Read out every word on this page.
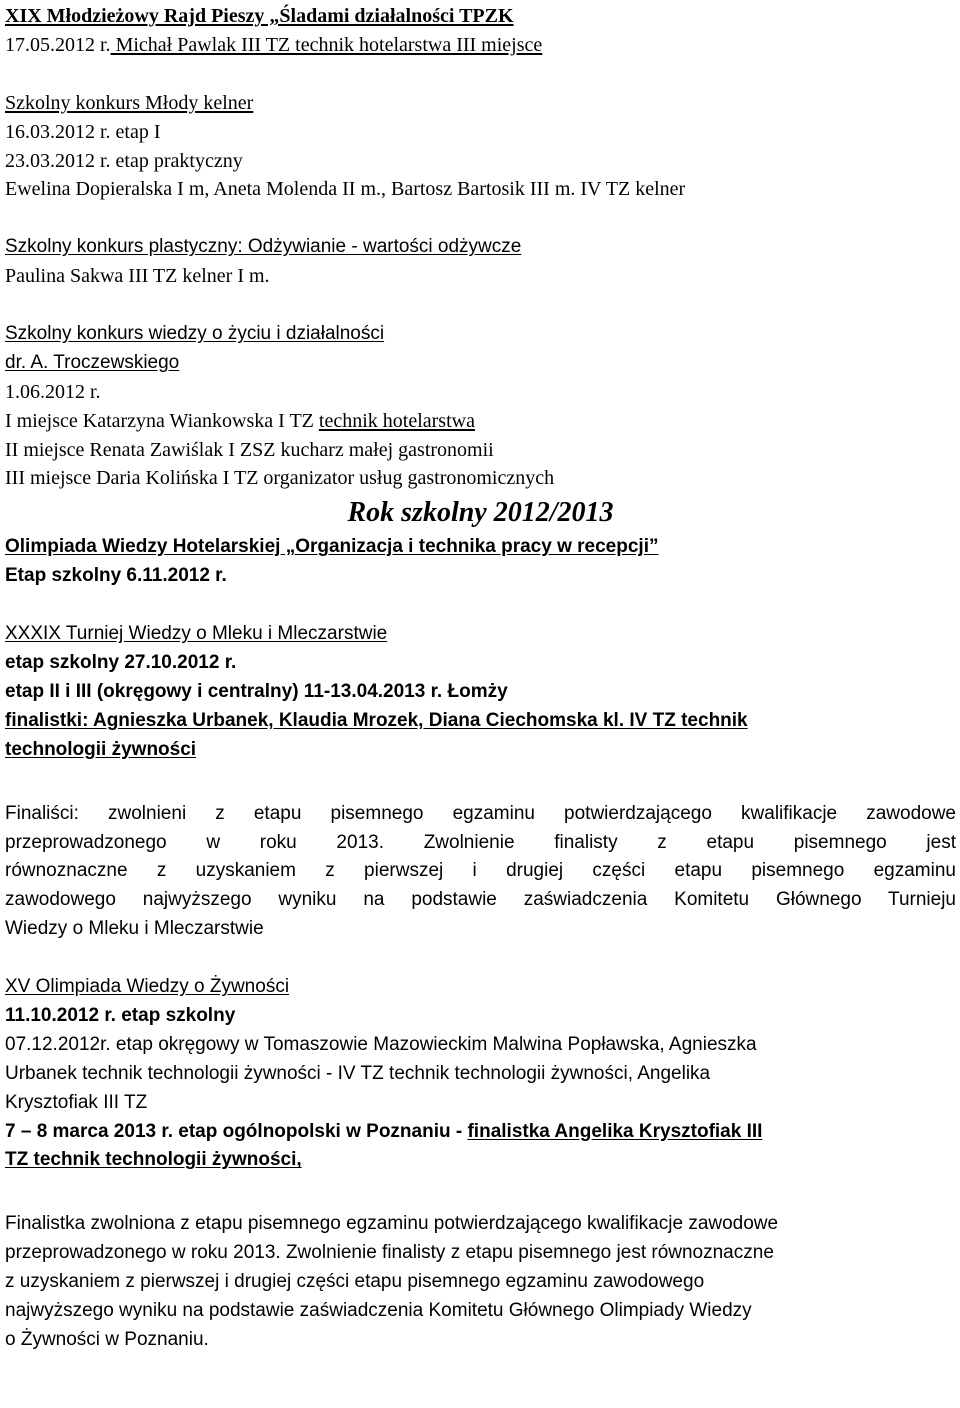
XIX Młodzieżowy Rajd Pieszy „Śladami działalności TPZK

17.05.2012 r. Michał Pawlak III TZ technik hotelarstwa III miejsce

Szkolny konkurs Młody kelner

16.03.2012 r. etap I

23.03.2012 r. etap praktyczny

Ewelina Dopieralska I m, Aneta Molenda II m., Bartosz Bartosik III m. IV TZ kelner

Szkolny konkurs plastyczny: Odżywianie - wartości odżywcze

Paulina Sakwa III TZ kelner I m.

Szkolny konkurs wiedzy o życiu i działalności

dr. A. Troczewskiego

1.06.2012 r.

I miejsce Katarzyna Wiankowska I TZ technik hotelarstwa

II miejsce Renata Zawiślak I ZSZ kucharz małej gastronomii

III miejsce Daria Kolińska I TZ organizator usług gastronomicznych

Rok szkolny 2012/2013

Olimpiada Wiedzy Hotelarskiej „Organizacja i technika pracy w recepcji”

Etap szkolny 6.11.2012 r.

XXXIX Turniej Wiedzy o Mleku i Mleczarstwie

etap szkolny 27.10.2012 r.

etap II i III (okręgowy i centralny) 11-13.04.2013 r. Łomży

finalistki: Agnieszka Urbanek, Klaudia Mrozek, Diana Ciechomska kl. IV TZ technik

technologii żywności

Finaliści: zwolnieni z etapu pisemnego egzaminu potwierdzającego kwalifikacje zawodowe

przeprowadzonego w roku 2013. Zwolnienie finalisty z etapu pisemnego jest

równoznaczne z uzyskaniem z pierwszej i drugiej części etapu pisemnego egzaminu

zawodowego najwyższego wyniku na podstawie zaświadczenia Komitetu Głównego Turnieju

Wiedzy o Mleku i Mleczarstwie

XV Olimpiada Wiedzy o Żywności

11.10.2012 r. etap szkolny

07.12.2012r. etap okręgowy w Tomaszowie Mazowieckim Malwina Popławska, Agnieszka

Urbanek technik technologii żywności - IV TZ technik technologii żywności, Angelika

Krysztofiak III TZ

7 – 8 marca 2013 r. etap ogólnopolski w Poznaniu - finalistka Angelika Krysztofiak III

TZ technik technologii żywności,

Finalistka zwolniona z etapu pisemnego egzaminu potwierdzającego kwalifikacje zawodowe

przeprowadzonego w roku 2013. Zwolnienie finalisty z etapu pisemnego jest równoznaczne

z uzyskaniem z pierwszej i drugiej części etapu pisemnego egzaminu zawodowego

najwyższego wyniku na podstawie zaświadczenia Komitetu Głównego Olimpiady Wiedzy

o Żywności w Poznaniu.
